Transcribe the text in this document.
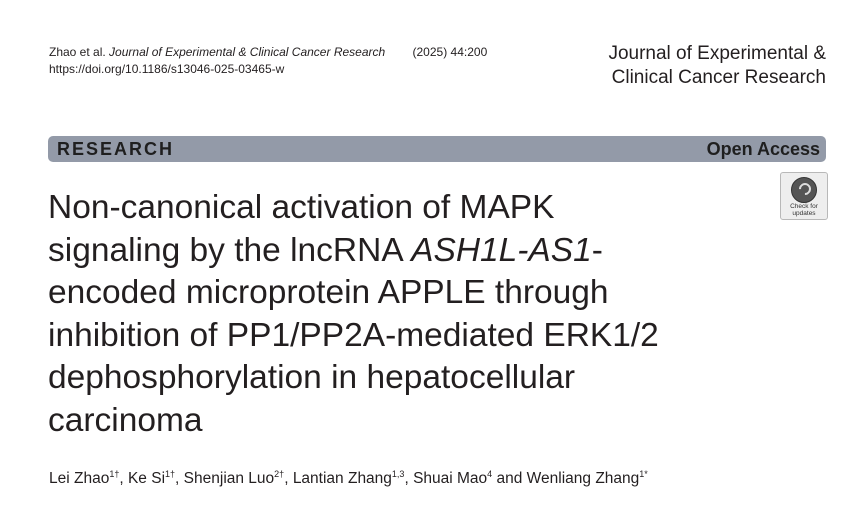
Zhao et al. Journal of Experimental & Clinical Cancer Research (2025) 44:200
https://doi.org/10.1186/s13046-025-03465-w
Journal of Experimental &
Clinical Cancer Research
RESEARCH	Open Access
Check for
updates
Non-canonical activation of MAPK
signaling by the lncRNA ASH1L-AS1-
encoded microprotein APPLE through
inhibition of PP1/PP2A-mediated ERK1/2
dephosphorylation in hepatocellular
carcinoma
Lei Zhao$^{1\dagger}$, Ke $Si^{1\dagger}$, Shenjian Luo$^{2\dagger}$, Lantian Zhang$^{1,3}$, Shuai Mao$^4$ and Wenliang Zhang$^{1*}$
